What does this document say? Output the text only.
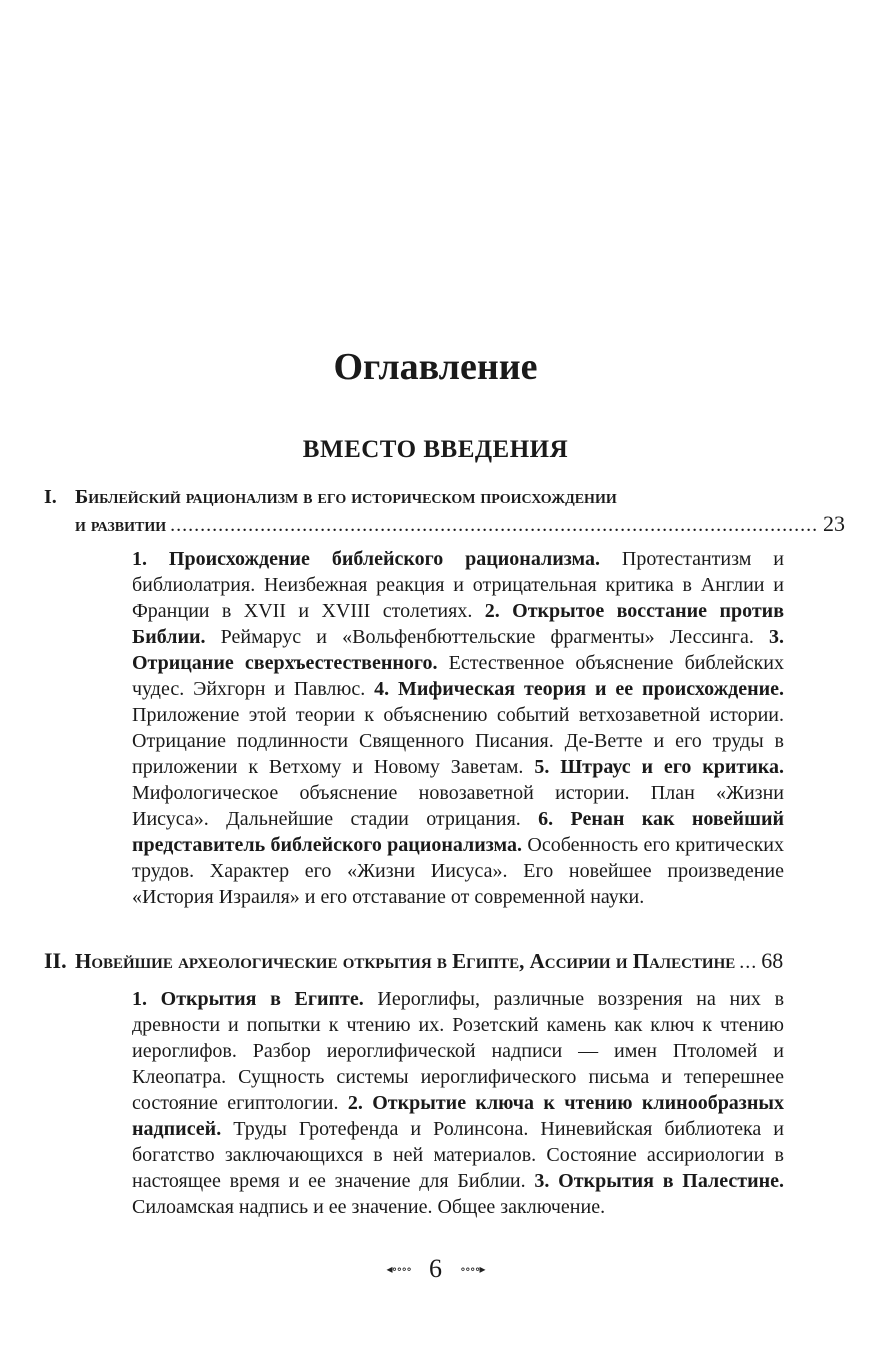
Оглавление
ВМЕСТО ВВЕДЕНИЯ
I. Библейский рационализм в его историческом происхождении
и развитии .....	23

1. Происхождение библейского рационализма. Протестантизм и библиолатрия. Неизбежная реакция и отрицательная критика в Англии и Франции в XVII и XVIII столетиях. 2. Открытое восстание против Библии. Реймарус и «Вольфенбюттельские фрагменты» Лессинга. 3. Отрицание сверхъестественного. Естественное объяснение библейских чудес. Эйхгорн и Павлюс. 4. Мифическая теория и ее происхождение. Приложение этой теории к объяснению событий ветхозаветной истории. Отрицание подлинности Священного Писания. Де-Ветте и его труды в приложении к Ветхому и Новому Заветам. 5. Штраус и его критика. Мифологическое объяснение новозаветной истории. План «Жизни Иисуса». Дальнейшие стадии отрицания. 6. Ренан как новейший представитель библейского рационализма. Особенность его критических трудов. Характер его «Жизни Иисуса». Его новейшее произведение «История Израиля» и его отставание от современной науки.

II. Новейшие археологические открытия в Египте, Ассирии и Палестине ... 68

1. Открытия в Египте. Иероглифы, различные воззрения на них в древности и попытки к чтению их. Розетский камень как ключ к чтению иероглифов. Разбор иероглифической надписи — имен Птоломей и Клеопатра. Сущность системы иероглифического письма и теперешнее состояние египтологии. 2. Открытие ключа к чтению клинообразных надписей. Труды Гротефенда и Ролинсона. Ниневийская библиотека и богатство заключающихся в ней материалов. Состояние ассириологии в настоящее время и ее значение для Библии. 3. Открытия в Палестине. Силоамская надпись и ее значение. Общее заключение.

◂∘∘∘∘ 6 ∘∘∘∘▸
